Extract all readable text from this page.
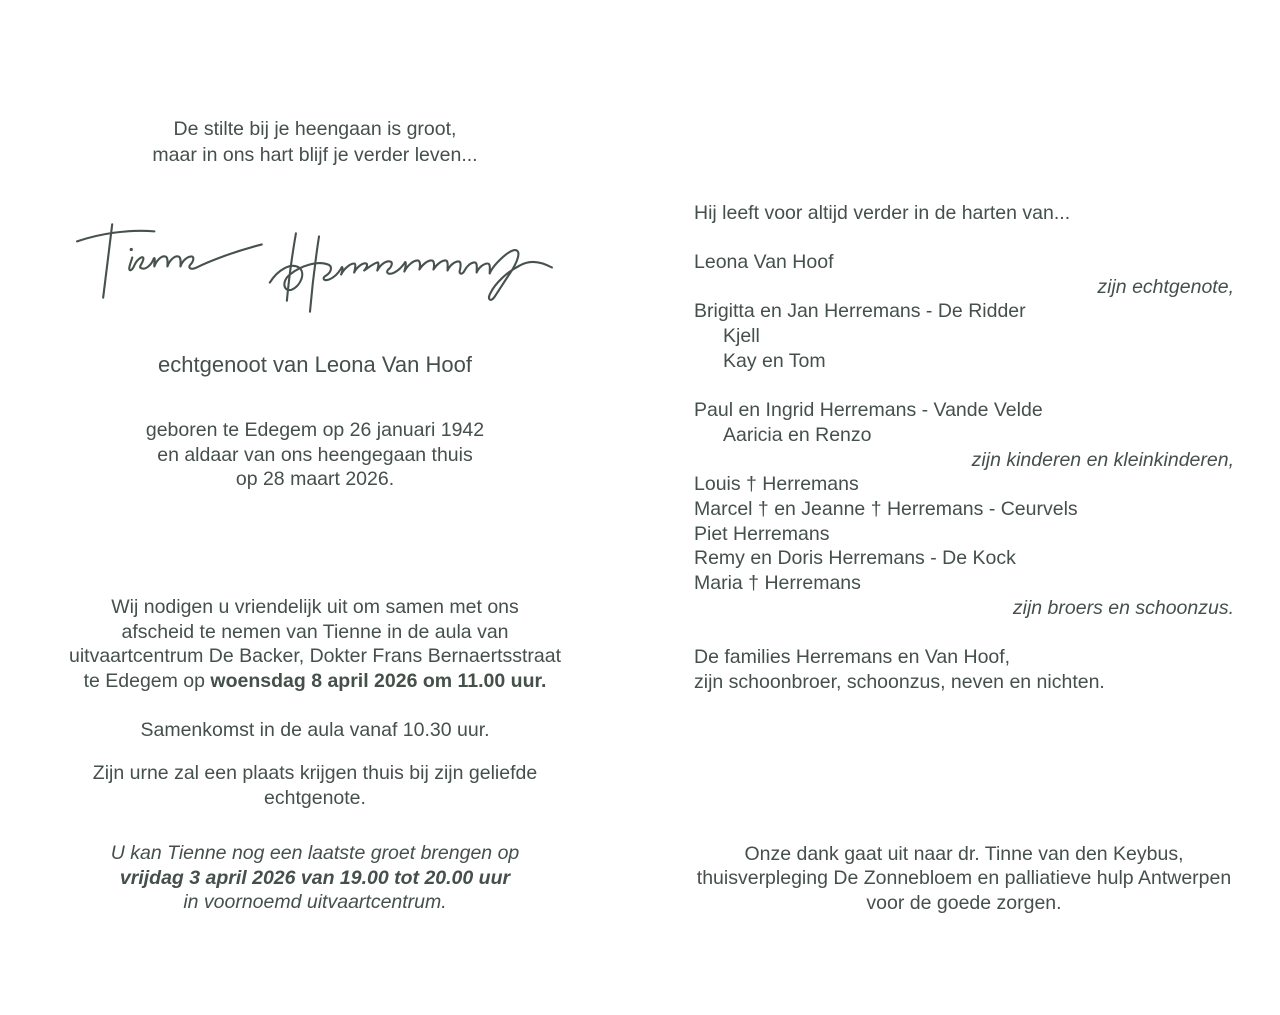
De stilte bij je heengaan is groot,
maar in ons hart blijf je verder leven...
echtgenoot van Leona Van Hoof
geboren te Edegem op 26 januari 1942
en aldaar van ons heengegaan thuis
op 28 maart 2026.
Wij nodigen u vriendelijk uit om samen met ons
afscheid te nemen van Tienne in de aula van
uitvaartcentrum De Backer, Dokter Frans Bernaertsstraat
te Edegem op woensdag 8 april 2026 om 11.00 uur.
Samenkomst in de aula vanaf 10.30 uur.
Zijn urne zal een plaats krijgen thuis bij zijn geliefde echtgenote.
U kan Tienne nog een laatste groet brengen op
vrijdag 3 april 2026 van 19.00 tot 20.00 uur
in voornoemd uitvaartcentrum.
Hij leeft voor altijd verder in de harten van...
Leona Van Hoof
zijn echtgenote,
Brigitta en Jan Herremans - De Ridder
Kjell
Kay en Tom
Paul en Ingrid Herremans - Vande Velde
Aaricia en Renzo
zijn kinderen en kleinkinderen,
Louis † Herremans
Marcel † en Jeanne † Herremans - Ceurvels
Piet Herremans
Remy en Doris Herremans - De Kock
Maria † Herremans
zijn broers en schoonzus.
De families Herremans en Van Hoof,
zijn schoonbroer, schoonzus, neven en nichten.
Onze dank gaat uit naar dr. Tinne van den Keybus,
thuisverpleging De Zonnebloem en palliatieve hulp Antwerpen
voor de goede zorgen.
